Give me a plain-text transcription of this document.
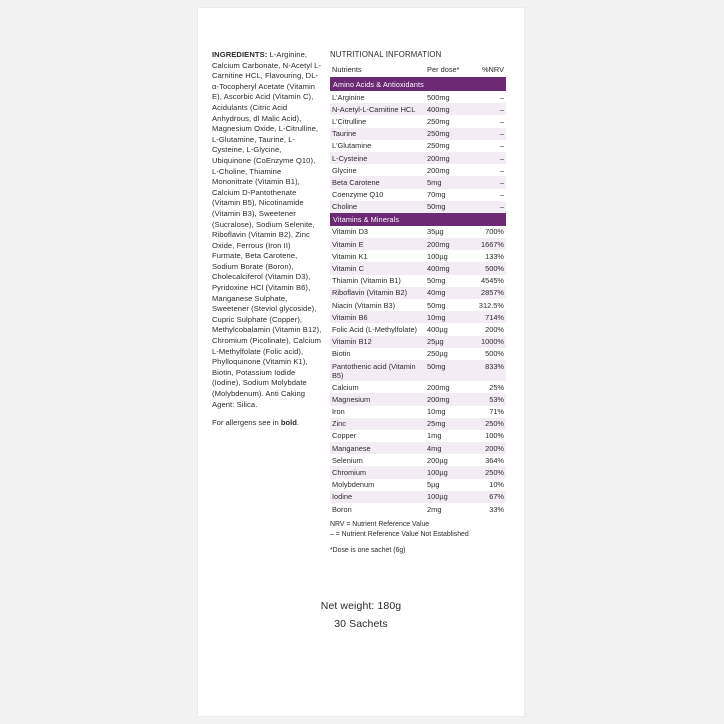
INGREDIENTS: L-Arginine, Calcium Carbonate, N-Acetyl L-Carnitine HCL, Flavouring, DL-α-Tocopheryl Acetate (Vitamin E), Ascorbic Acid (Vitamin C), Acidulants (Citric Acid Anhydrous, dl Malic Acid), Magnesium Oxide, L-Citrulline, L-Glutamine, Taurine, L-Cysteine, L-Glycine, Ubiquinone (CoEnzyme Q10), L-Choline, Thiamine Mononitrate (Vitamin B1), Calcium D-Pantothenate (Vitamin B5), Nicotinamide (Vitamin B3), Sweetener (Sucralose), Sodium Selenite, Riboflavin (Vitamin B2), Zinc Oxide, Ferrous (Iron II) Furmate, Beta Carotene, Sodium Borate (Boron), Cholecalciferol (Vitamin D3), Pyridoxine HCl (Vitamin B6), Manganese Sulphate, Sweetener (Steviol glycoside), Cupric Sulphate (Copper), Methylcobalamin (Vitamin B12), Chromium (Picolinate), Calcium L-Methylfolate (Folic acid), Phylloquinone (Vitamin K1), Biotin, Potassium Iodide (Iodine), Sodium Molybdate (Molybdenum). Anti Caking Agent: Silica.
For allergens see in bold.
NUTRITIONAL INFORMATION
Nutrients	Per dose*	%NRV
Amino Acids & Antioxidants		
L'Arginine	500mg	–
N-Acetyl-L-Carnitine HCL	400mg	–
L'Citrulline	250mg	–
Taurine	250mg	–
L'Glutamine	250mg	–
L-Cysteine	200mg	–
Glycine	200mg	–
Beta Carotene	5mg	–
Coenzyme Q10	70mg	–
Choline	50mg	–
Vitamins & Minerals		
Vitamin D3	35µg	700%
Vitamin E	200mg	1667%
Vitamin K1	100µg	133%
Vitamin C	400mg	500%
Thiamin (Vitamin B1)	50mg	4545%
Riboflavin (Vitamin B2)	40mg	2857%
Niacin (Vitamin B3)	50mg	312.5%
Vitamin B6	10mg	714%
Folic Acid (L-Methylfolate)	400µg	200%
Vitamin B12	25µg	1000%
Biotin	250µg	500%
Pantothenic acid (Vitamin B5)	50mg	833%
Calcium	200mg	25%
Magnesium	200mg	53%
Iron	10mg	71%
Zinc	25mg	250%
Copper	1mg	100%
Manganese	4mg	200%
Selenium	200µg	364%
Chromium	100µg	250%
Molybdenum	5µg	10%
Iodine	100µg	67%
Boron	2mg	33%
NRV = Nutrient Reference Value
– = Nutrient Reference Value Not Established
*Dose is one sachet (6g)
Net weight: 180g
30 Sachets
